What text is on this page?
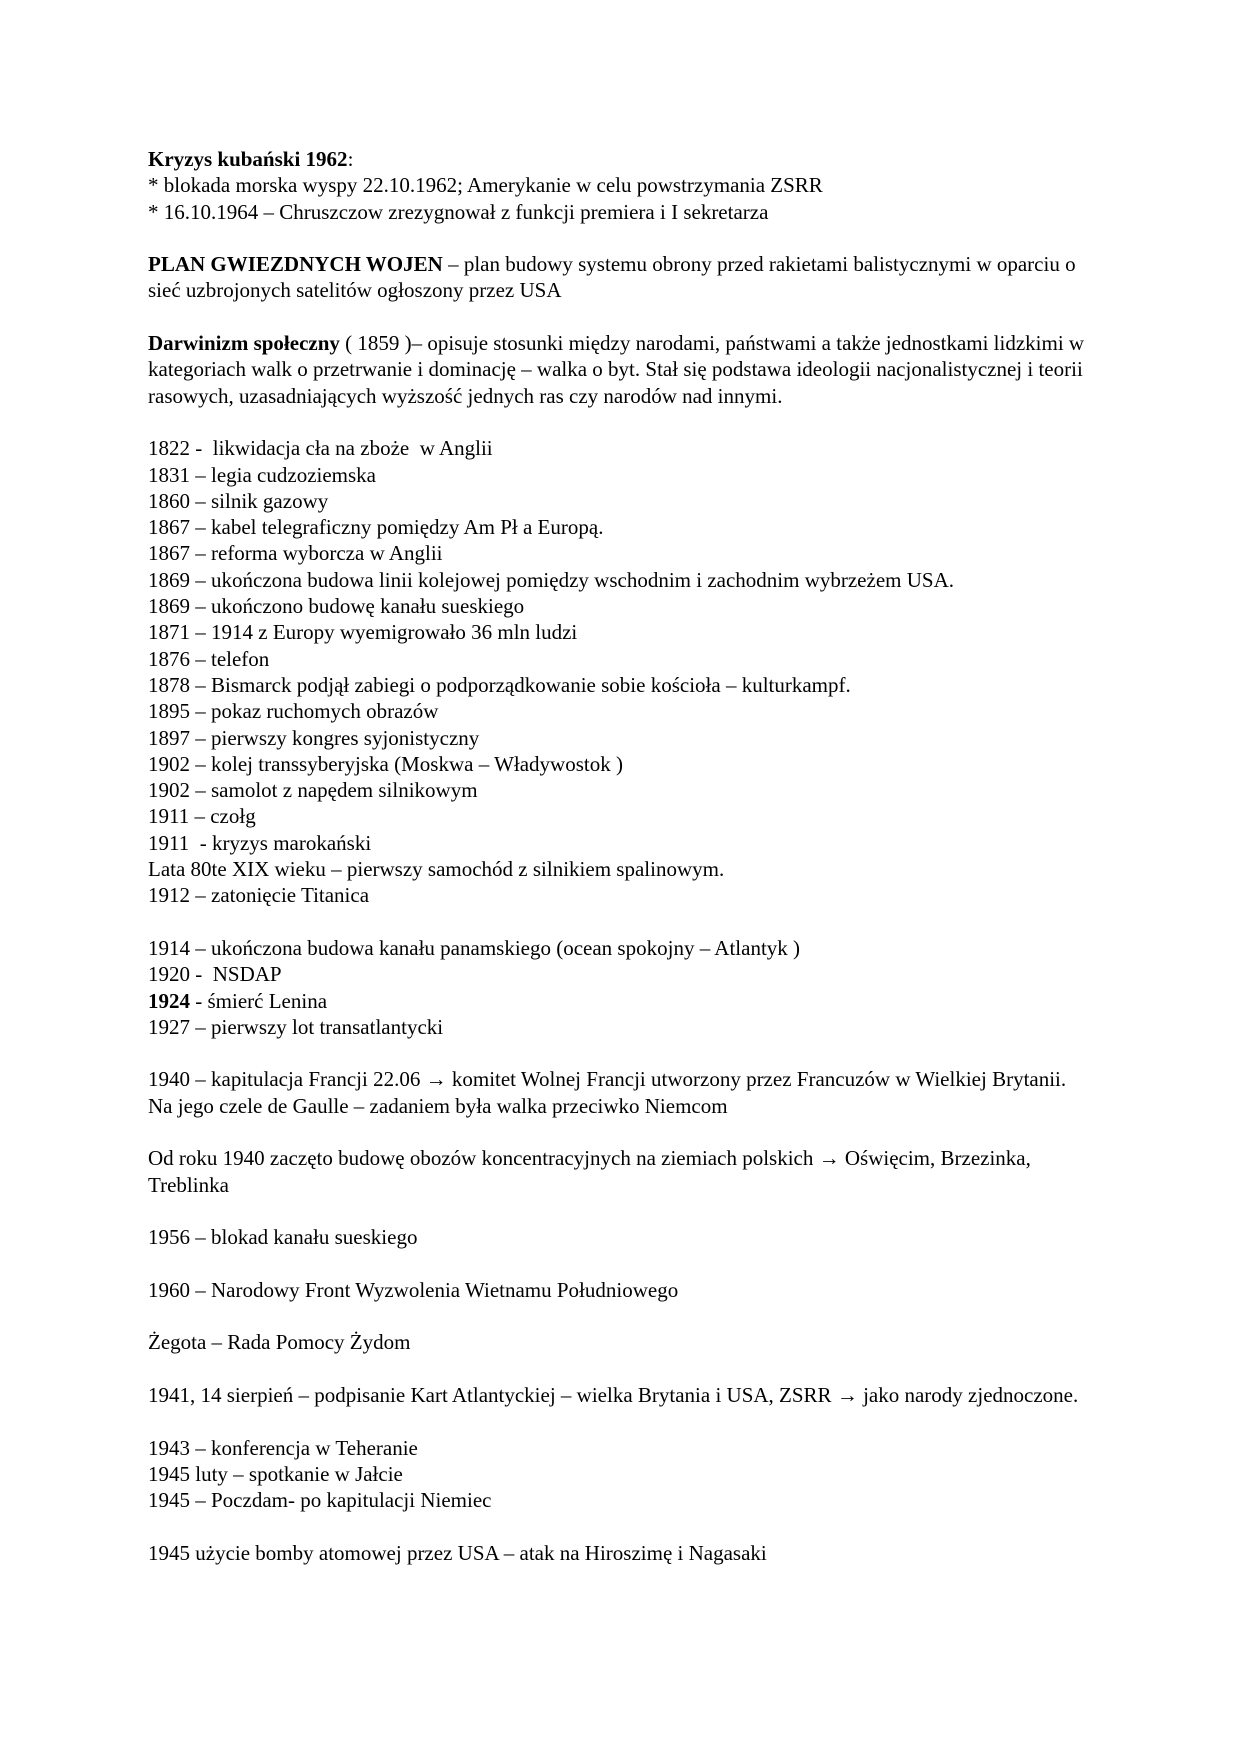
Kryzys kubański 1962:
* blokada morska wyspy 22.10.1962; Amerykanie w celu powstrzymania ZSRR
* 16.10.1964 – Chruszczow zrezygnował z funkcji premiera i I sekretarza
PLAN GWIEZDNYCH WOJEN – plan budowy systemu obrony przed rakietami balistycznymi w oparciu o sieć uzbrojonych satelitów ogłoszony przez USA
Darwinizm społeczny ( 1859 )– opisuje stosunki między narodami, państwami a także jednostkami lidzkimi w kategoriach walk o przetrwanie i dominację – walka o byt. Stał się podstawa ideologii nacjonalistycznej i teorii rasowych, uzasadniających wyższość jednych ras czy narodów nad innymi.
1822 -  likwidacja cła na zboże  w Anglii
1831 – legia cudzoziemska
1860 – silnik gazowy
1867 – kabel telegraficzny pomiędzy Am Pł a Europą.
1867 – reforma wyborcza w Anglii
1869 – ukończona budowa linii kolejowej pomiędzy wschodnim i zachodnim wybrzeżem USA.
1869 – ukończono budowę kanału sueskiego
1871 – 1914 z Europy wyemigrowało 36 mln ludzi
1876 – telefon
1878 – Bismarck podjął zabiegi o podporządkowanie sobie kościoła – kulturkampf.
1895 – pokaz ruchomych obrazów
1897 – pierwszy kongres syjonistyczny
1902 – kolej transsyberyjska (Moskwa – Władywostok )
1902 – samolot z napędem silnikowym
1911 – czołg
1911  - kryzys marokański
Lata 80te XIX wieku – pierwszy samochód z silnikiem spalinowym.
1912 – zatonięcie Titanica
1914 – ukończona budowa kanału panamskiego (ocean spokojny – Atlantyk )
1920 -  NSDAP
1924 - śmierć Lenina
1927 – pierwszy lot transatlantycki
1940 – kapitulacja Francji 22.06 → komitet Wolnej Francji utworzony przez Francuzów w Wielkiej Brytanii. Na jego czele de Gaulle – zadaniem była walka przeciwko Niemcom
Od roku 1940 zaczęto budowę obozów koncentracyjnych na ziemiach polskich → Oświęcim, Brzezinka, Treblinka
1956 – blokad kanału sueskiego
1960 – Narodowy Front Wyzwolenia Wietnamu Południowego
Żegota – Rada Pomocy Żydom
1941, 14 sierpień – podpisanie Kart Atlantyckiej – wielka Brytania i USA, ZSRR → jako narody zjednoczone.
1943 – konferencja w Teheranie
1945 luty – spotkanie w Jałcie
1945 – Poczdam- po kapitulacji Niemiec
1945 użycie bomby atomowej przez USA – atak na Hiroszimę i Nagasaki
